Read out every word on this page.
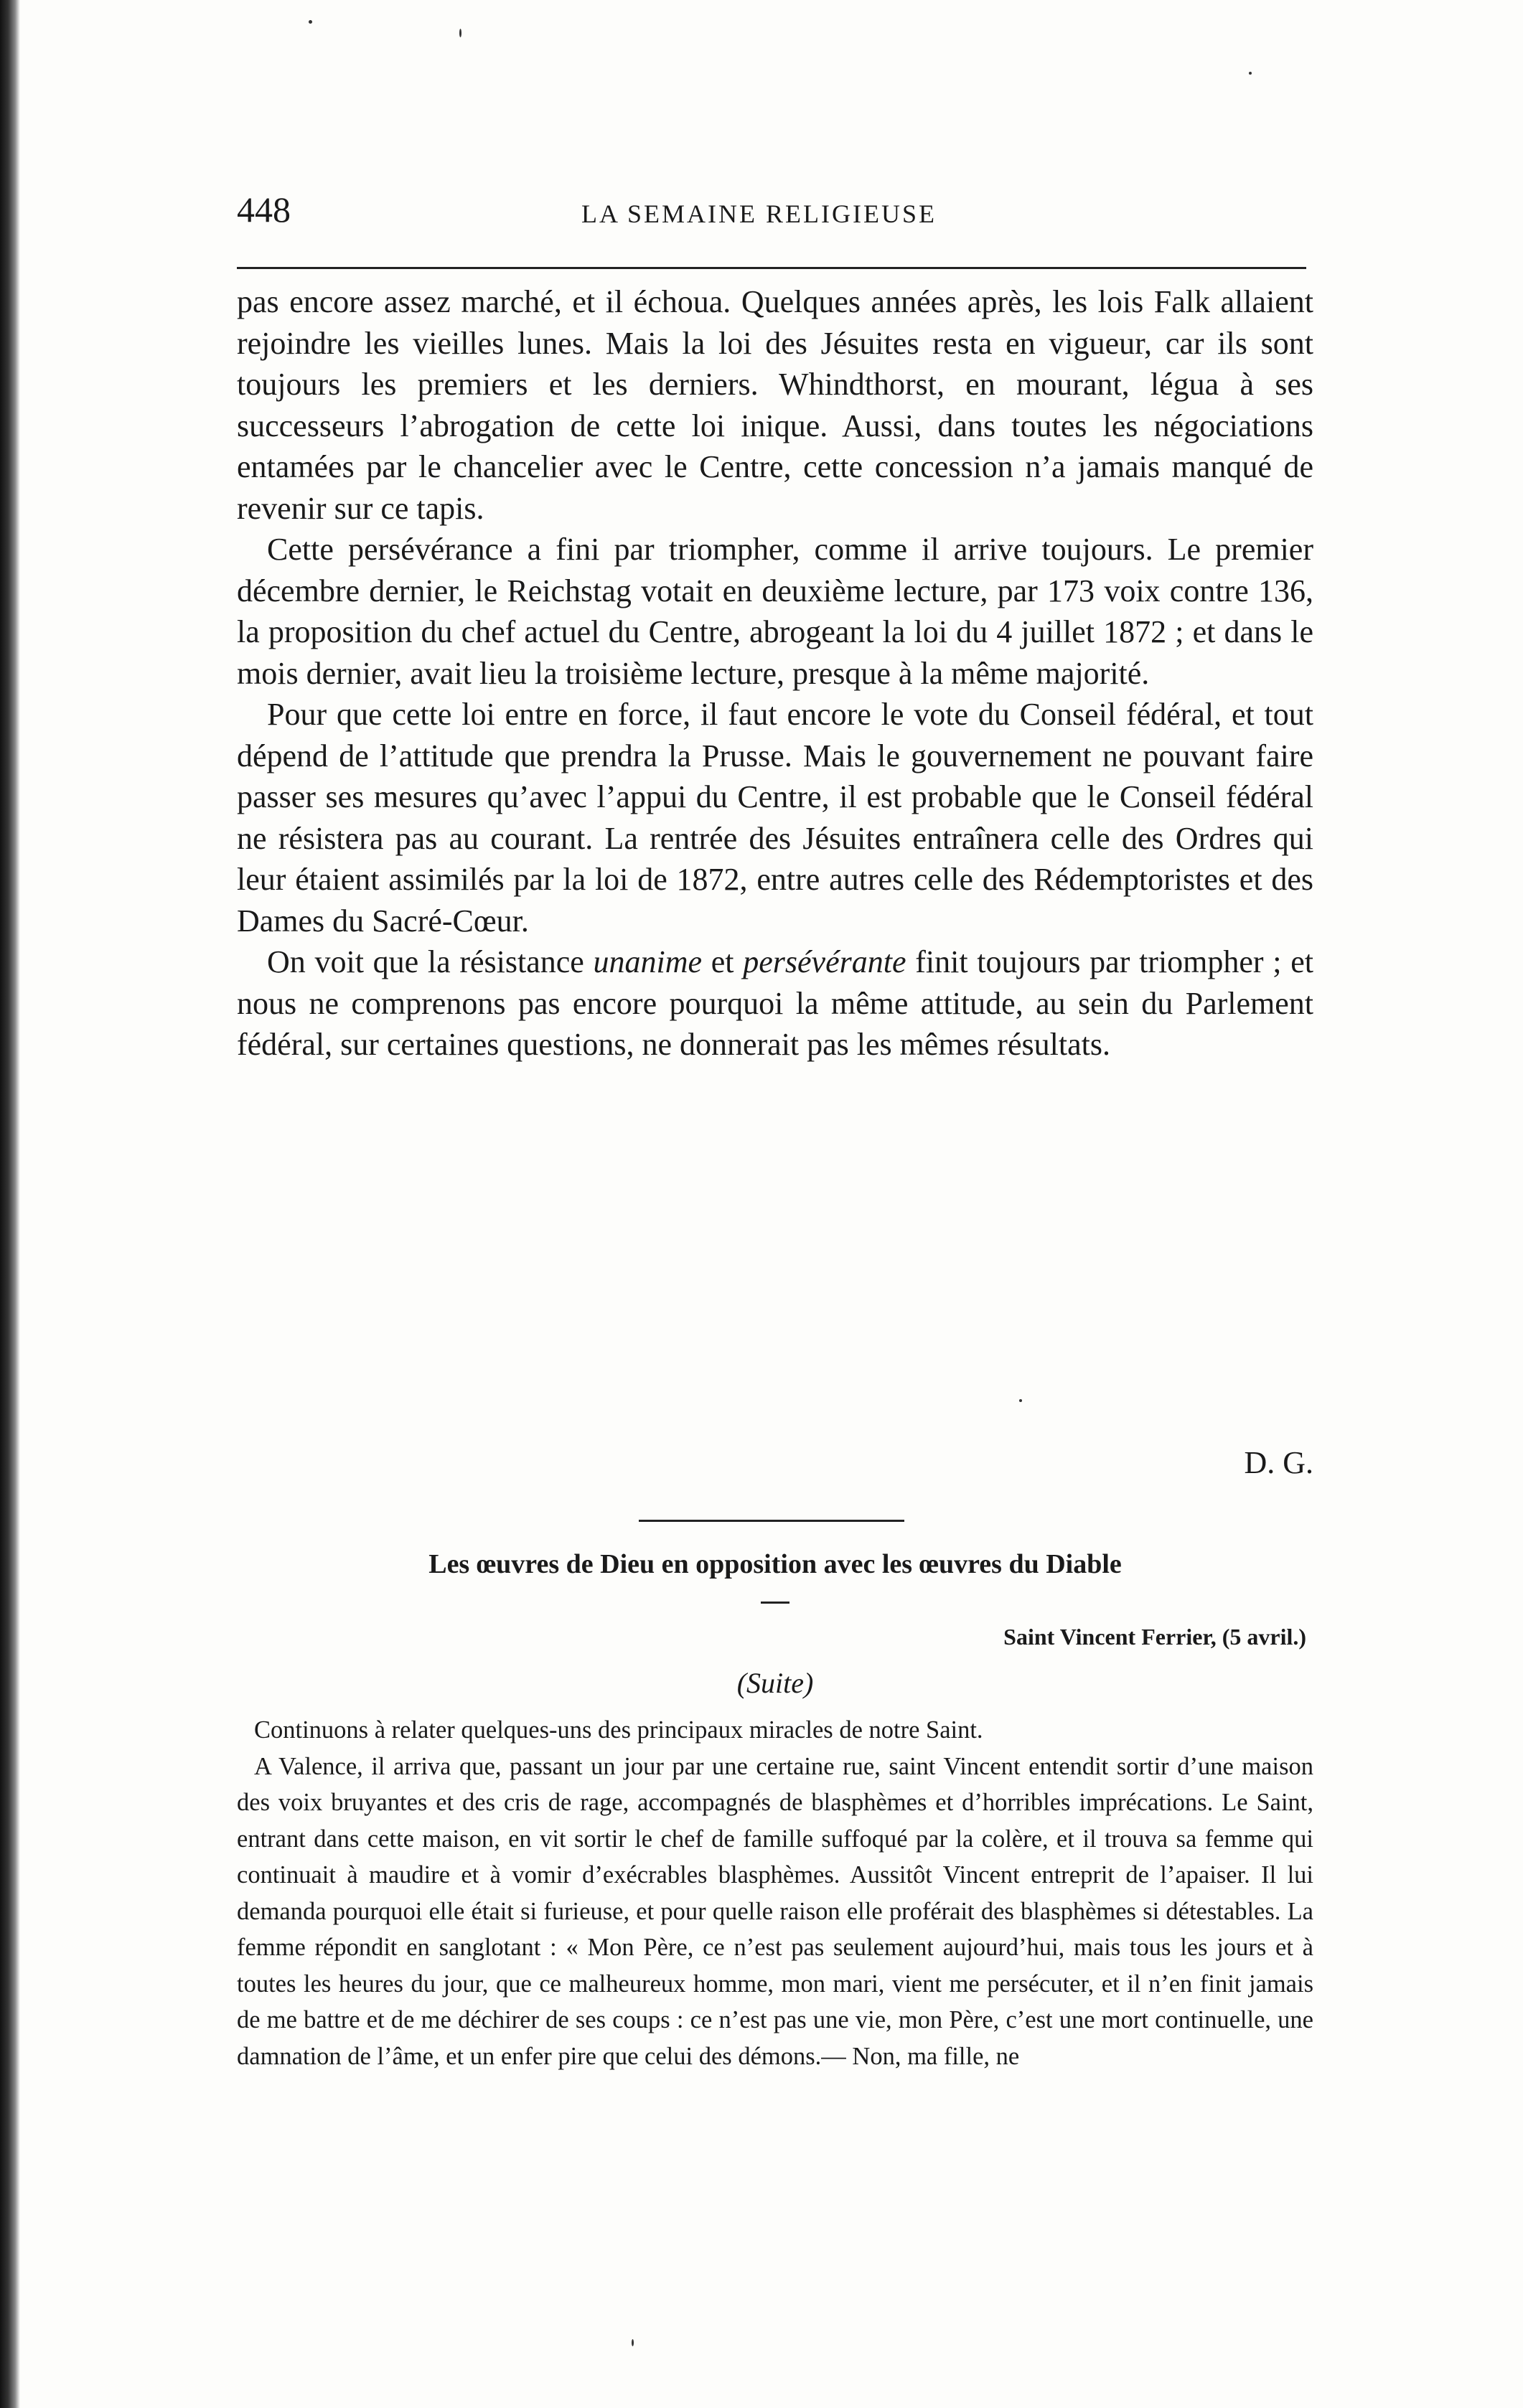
448	LA SEMAINE RELIGIEUSE

pas encore assez marché, et il échoua. Quelques années après, les lois Falk allaient rejoindre les vieilles lunes. Mais la loi des Jésuites resta en vigueur, car ils sont toujours les premiers et les derniers. Whindthorst, en mourant, légua à ses successeurs l’abrogation de cette loi inique. Aussi, dans toutes les négociations entamées par le chancelier avec le Centre, cette concession n’a jamais manqué de revenir sur ce tapis.

Cette persévérance a fini par triompher, comme il arrive toujours. Le premier décembre dernier, le Reichstag votait en deuxième lecture, par 173 voix contre 136, la proposition du chef actuel du Centre, abrogeant la loi du 4 juillet 1872 ; et dans le mois dernier, avait lieu la troisième lecture, presque à la même majorité.

Pour que cette loi entre en force, il faut encore le vote du Conseil fédéral, et tout dépend de l’attitude que prendra la Prusse. Mais le gouvernement ne pouvant faire passer ses mesures qu’avec l’appui du Centre, il est probable que le Conseil fédéral ne résistera pas au courant. La rentrée des Jésuites entraînera celle des Ordres qui leur étaient assimilés par la loi de 1872, entre autres celle des Rédemptoristes et des Dames du Sacré-Cœur.

On voit que la résistance unanime et persévérante finit toujours par triompher ; et nous ne comprenons pas encore pourquoi la même attitude, au sein du Parlement fédéral, sur certaines questions, ne donnerait pas les mêmes résultats.

D. G.
Les œuvres de Dieu en opposition avec les œuvres du Diable
Saint Vincent Ferrier, (5 avril.)
(Suite)

Continuons à relater quelques-uns des principaux miracles de notre Saint.

A Valence, il arriva que, passant un jour par une certaine rue, saint Vincent entendit sortir d’une maison des voix bruyantes et des cris de rage, accompagnés de blasphèmes et d’horribles imprécations. Le Saint, entrant dans cette maison, en vit sortir le chef de famille suffoqué par la colère, et il trouva sa femme qui continuait à maudire et à vomir d’exécrables blasphèmes. Aussitôt Vincent entreprit de l’apaiser. Il lui demanda pourquoi elle était si furieuse, et pour quelle raison elle proférait des blasphèmes si détestables. La femme répondit en sanglotant : « Mon Père, ce n’est pas seulement aujourd’hui, mais tous les jours et à toutes les heures du jour, que ce malheureux homme, mon mari, vient me persécuter, et il n’en finit jamais de me battre et de me déchirer de ses coups : ce n’est pas une vie, mon Père, c’est une mort continuelle, une damnation de l’âme, et un enfer pire que celui des démons.— Non, ma fille, ne
